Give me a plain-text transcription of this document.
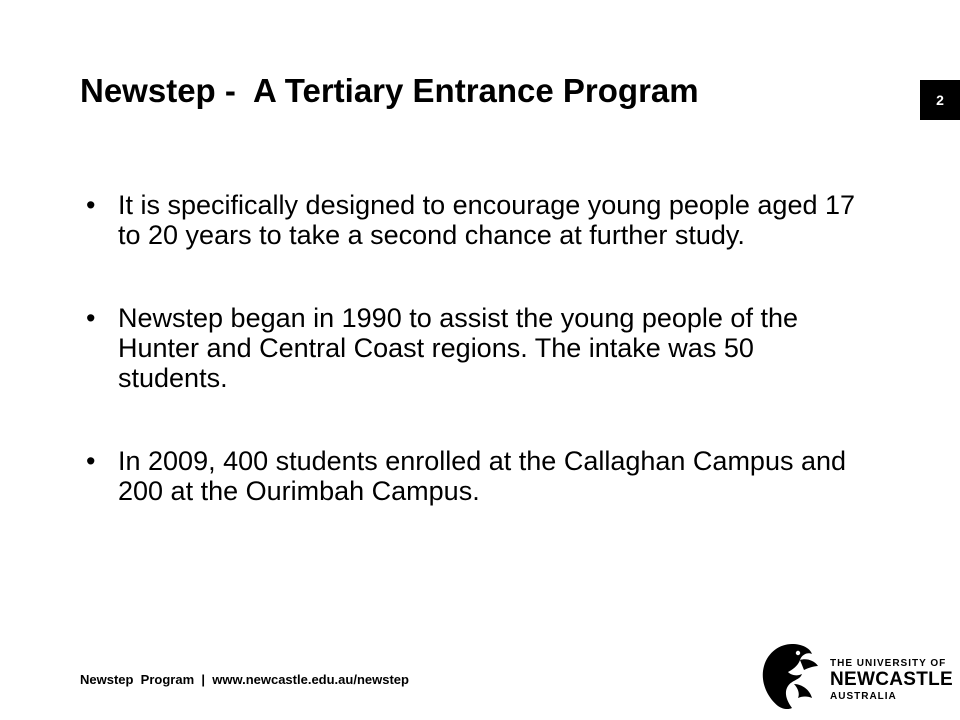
Newstep -  A Tertiary Entrance Program	2
• It is specifically designed to encourage young people aged 17 to 20 years to take a second chance at further study.
• Newstep began in 1990 to assist the young people of the Hunter and Central Coast regions. The intake was 50 students.
• In 2009, 400 students enrolled at the Callaghan Campus and 200 at the Ourimbah Campus.
Newstep  Program  |  www.newcastle.edu.au/newstep
THE UNIVERSITY OF
NEWCASTLE
AUSTRALIA
